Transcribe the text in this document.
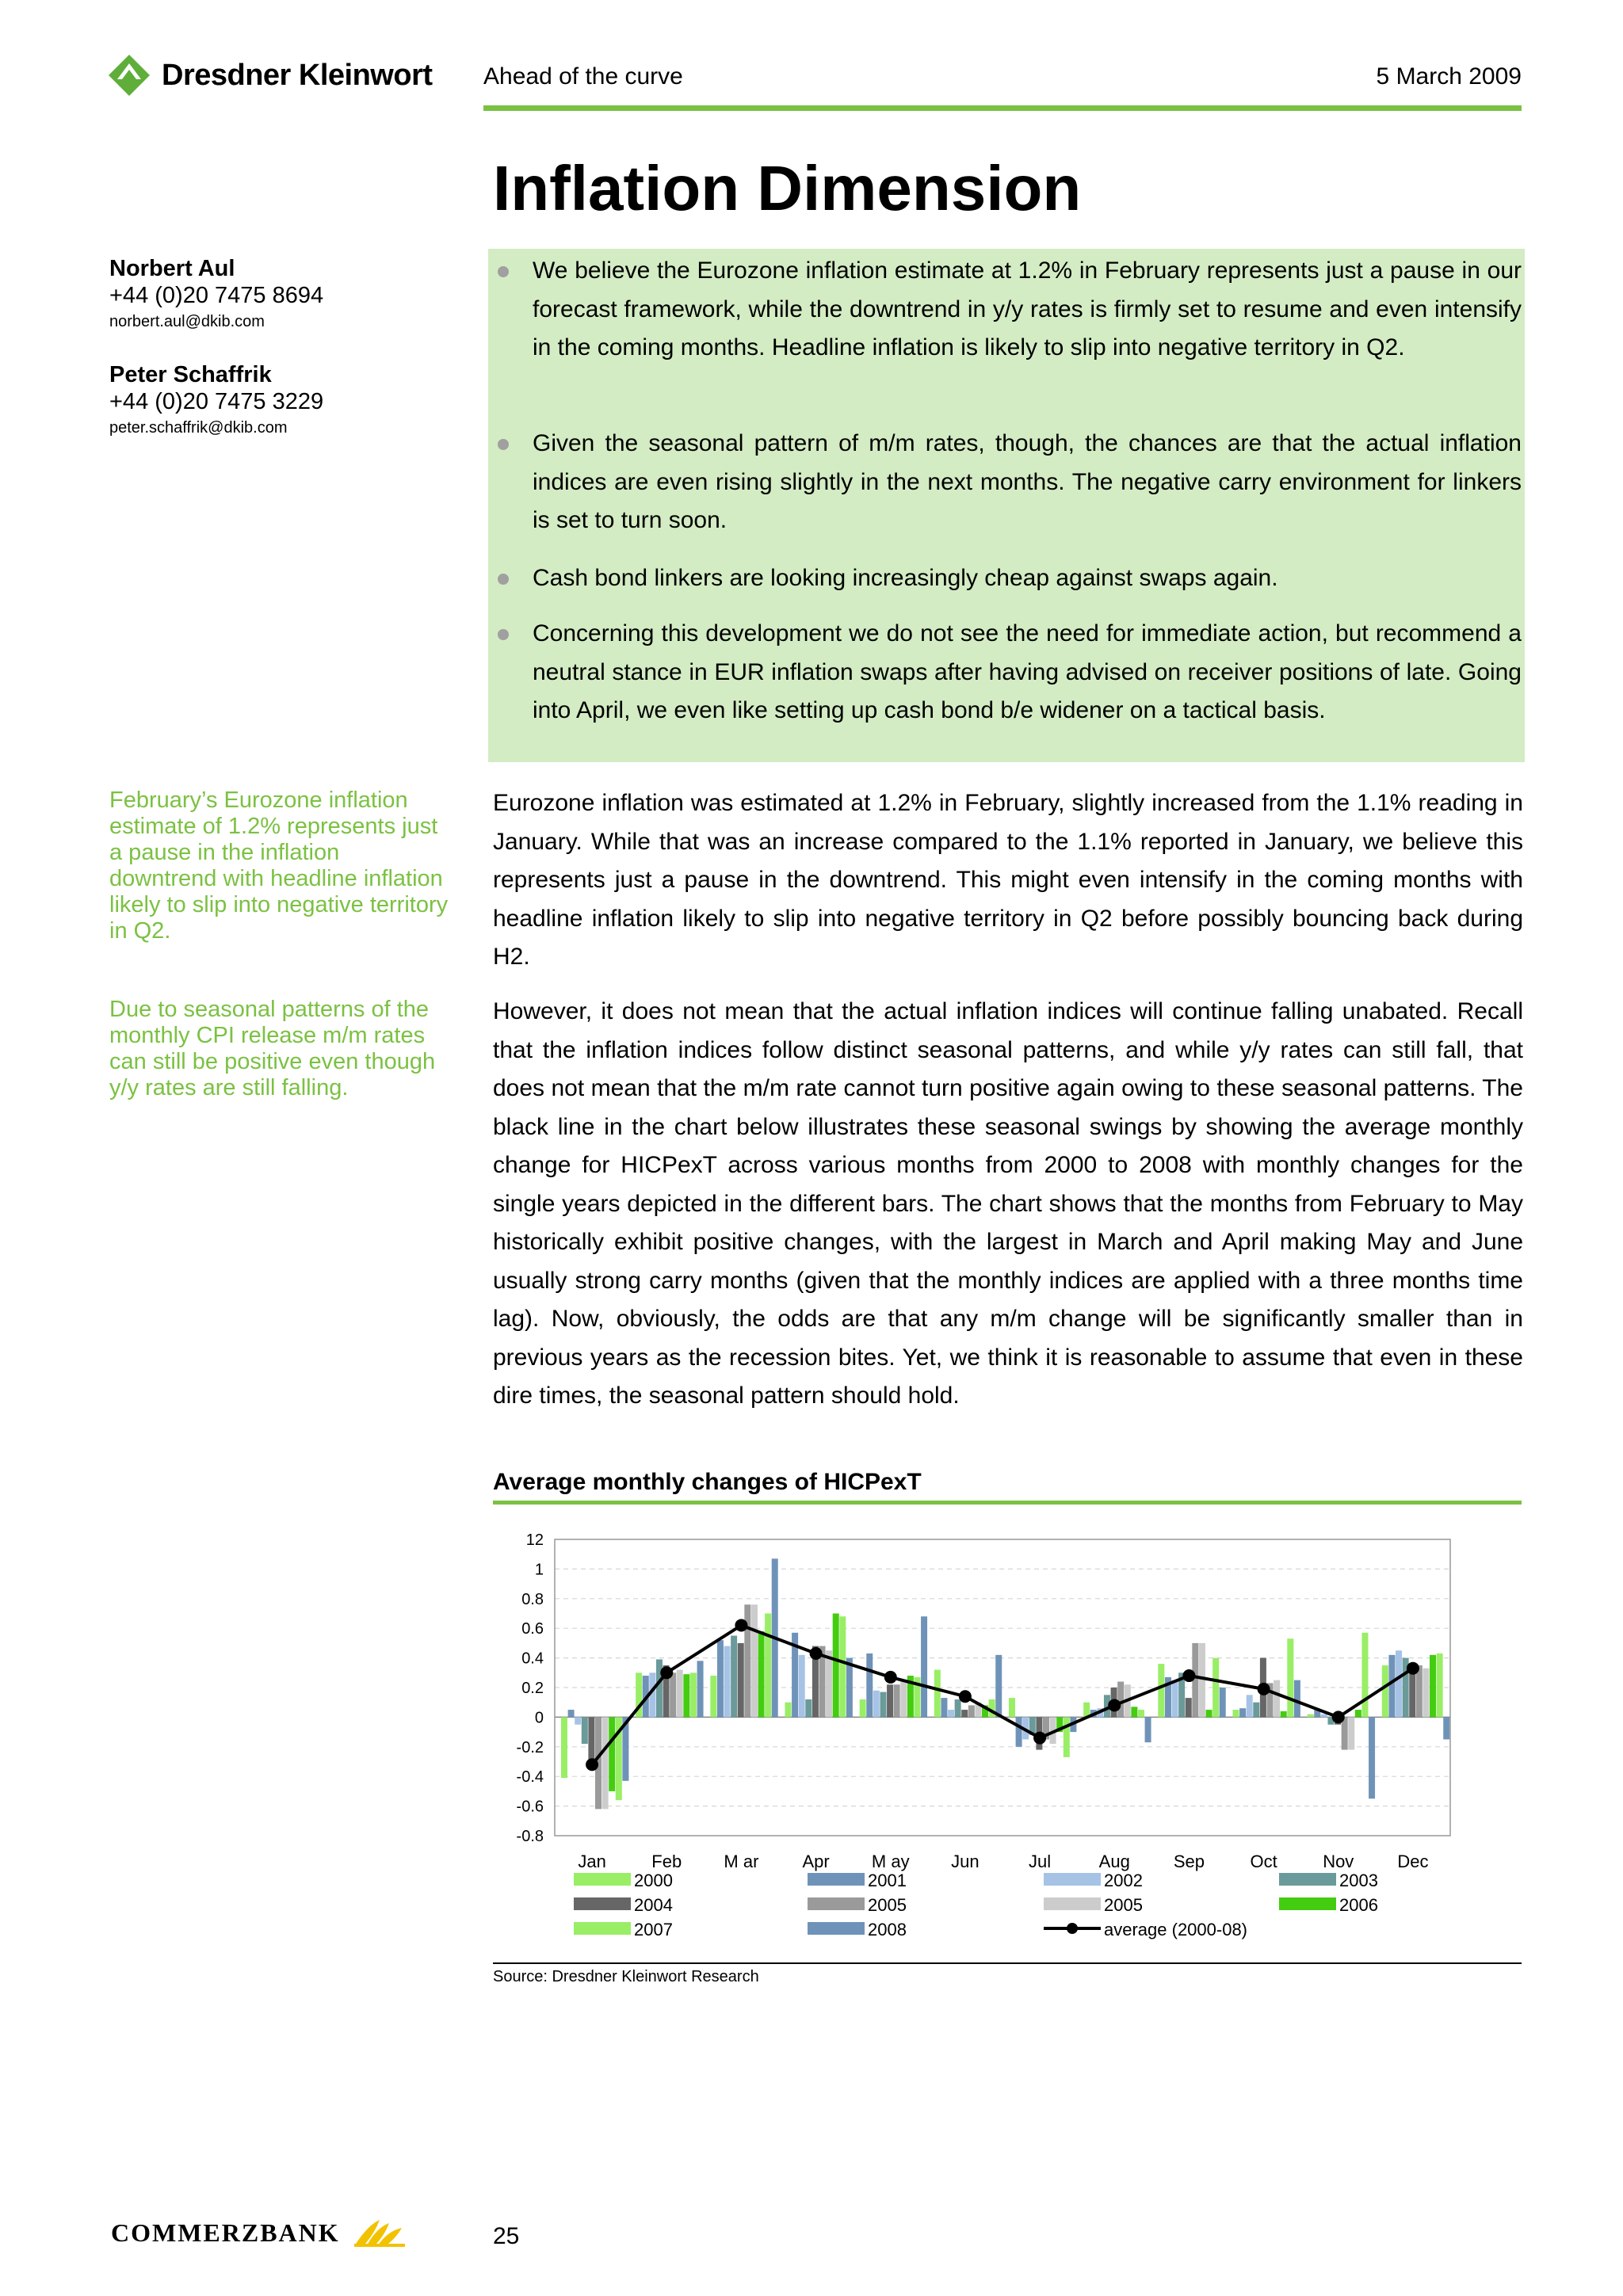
Dresdner Kleinwort Ahead of the curve	5 March 2009
Inflation Dimension
Norbert Aul
+44 (0)20 7475 8694
norbert.aul@dkib.com
Peter Schaffrik
+44 (0)20 7475 3229
peter.schaffrik@dkib.com
We believe the Eurozone inflation estimate at 1.2% in February represents just a pause in our forecast framework, while the downtrend in y/y rates is firmly set to resume and even intensify in the coming months. Headline inflation is likely to slip into negative territory in Q2.
Given the seasonal pattern of m/m rates, though, the chances are that the actual inflation indices are even rising slightly in the next months. The negative carry environment for linkers is set to turn soon.
Cash bond linkers are looking increasingly cheap against swaps again.
Concerning this development we do not see the need for immediate action, but recommend a neutral stance in EUR inflation swaps after having advised on receiver positions of late. Going into April, we even like setting up cash bond b/e widener on a tactical basis.
February’s Eurozone inflation estimate of 1.2% represents just a pause in the inflation downtrend with headline inflation likely to slip into negative territory in Q2.
Due to seasonal patterns of the monthly CPI release m/m rates can still be positive even though y/y rates are still falling.

Eurozone inflation was estimated at 1.2% in February, slightly increased from the 1.1% reading in January. While that was an increase compared to the 1.1% reported in January, we believe this represents just a pause in the downtrend. This might even intensify in the coming months with headline inflation likely to slip into negative territory in Q2 before possibly bouncing back during H2.

However, it does not mean that the actual inflation indices will continue falling unabated. Recall that the inflation indices follow distinct seasonal patterns, and while y/y rates can still fall, that does not mean that the m/m rate cannot turn positive again owing to these seasonal patterns. The black line in the chart below illustrates these seasonal swings by showing the average monthly change for HICPexT across various months from 2000 to 2008 with monthly changes for the single years depicted in the different bars. The chart shows that the months from February to May historically exhibit positive changes, with the largest in March and April making May and June usually strong carry months (given that the monthly indices are applied with a three months time lag). Now, obviously, the odds are that any m/m change will be significantly smaller than in previous years as the recession bites. Yet, we think it is reasonable to assume that even in these dire times, the seasonal pattern should hold.

Average monthly changes of HICPexT
-0.8
-0.6
-0.4
-0.2
0
0.2
0.4
0.6
0.8
1
12
Jan	Feb M ar	Apr M ay Jun	Jul	Aug	Sep	Oct	Nov	Dec
2000	2001	2002	2003
2004	2005	2005	2006
2007	2008	average (2000-08)
Source: Dresdner Kleinwort Research
COMMERZBANK	25
